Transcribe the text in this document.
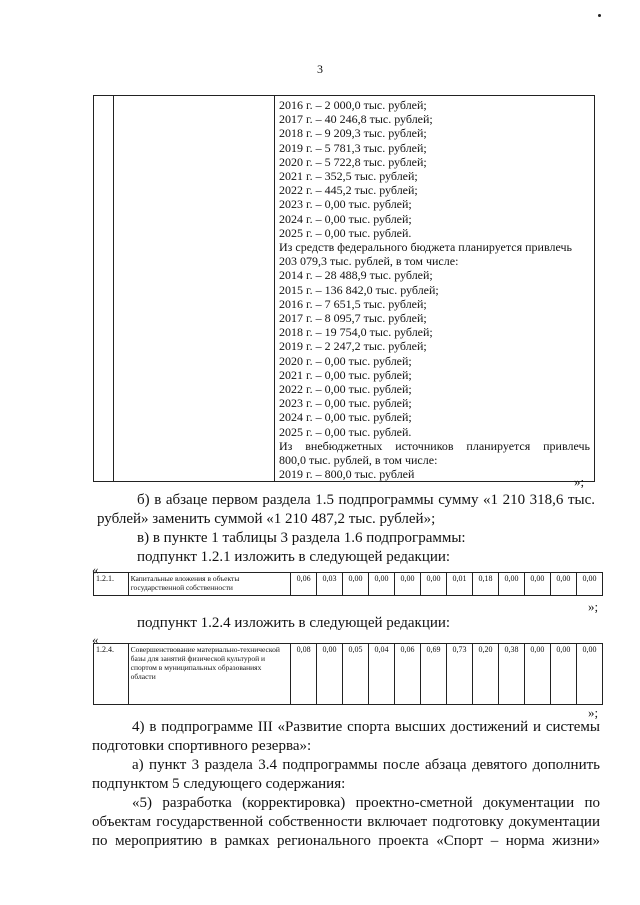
3

2016 г. – 2 000,0 тыс. рублей;
2017 г. – 40 246,8 тыс. рублей;
2018 г. – 9 209,3 тыс. рублей;
2019 г. – 5 781,3 тыс. рублей;
2020 г. – 5 722,8 тыс. рублей;
2021 г. – 352,5 тыс. рублей;
2022 г. – 445,2 тыс. рублей;
2023 г. – 0,00 тыс. рублей;
2024 г. – 0,00 тыс. рублей;
2025 г. – 0,00 тыс. рублей.
Из средств федерального бюджета планируется привлечь
203 079,3 тыс. рублей, в том числе:
2014 г. – 28 488,9 тыс. рублей;
2015 г. – 136 842,0 тыс. рублей;
2016 г. – 7 651,5 тыс. рублей;
2017 г. – 8 095,7 тыс. рублей;
2018 г. – 19 754,0 тыс. рублей;
2019 г. – 2 247,2 тыс. рублей;
2020 г. – 0,00 тыс. рублей;
2021 г. – 0,00 тыс. рублей;
2022 г. – 0,00 тыс. рублей;
2023 г. – 0,00 тыс. рублей;
2024 г. – 0,00 тыс. рублей;
2025 г. – 0,00 тыс. рублей.
Из внебюджетных источников планируется привлечь
800,0 тыс. рублей, в том числе:
2019 г. – 800,0 тыс. рублей	»;
б) в абзаце первом раздела 1.5 подпрограммы сумму «1 210 318,6 тыс. рублей» заменить суммой «1 210 487,2 тыс. рублей»;
в) в пункте 1 таблицы 3 раздела 1.6 подпрограммы:
подпункт 1.2.1 изложить в следующей редакции:
«
1.2.1.	Капитальные вложения в объекты государственной собственности	0,06	0,03	0,00	0,00	0,00	0,00	0,01	0,18	0,00	0,00	0,00	0,00
»;
подпункт 1.2.4 изложить в следующей редакции:
«
1.2.4.	Совершенствование материально-технической базы для занятий физической культурой и спортом в муниципальных образованиях области	0,08	0,00	0,05	0,04	0,06	0,69	0,73	0,20	0,38	0,00	0,00	0,00
»;
4) в подпрограмме III «Развитие спорта высших достижений и системы подготовки спортивного резерва»:
а) пункт 3 раздела 3.4 подпрограммы после абзаца девятого дополнить подпунктом 5 следующего содержания:
«5) разработка (корректировка) проектно-сметной документации по объектам государственной собственности включает подготовку документации по мероприятию в рамках регионального проекта «Спорт – норма жизни»
